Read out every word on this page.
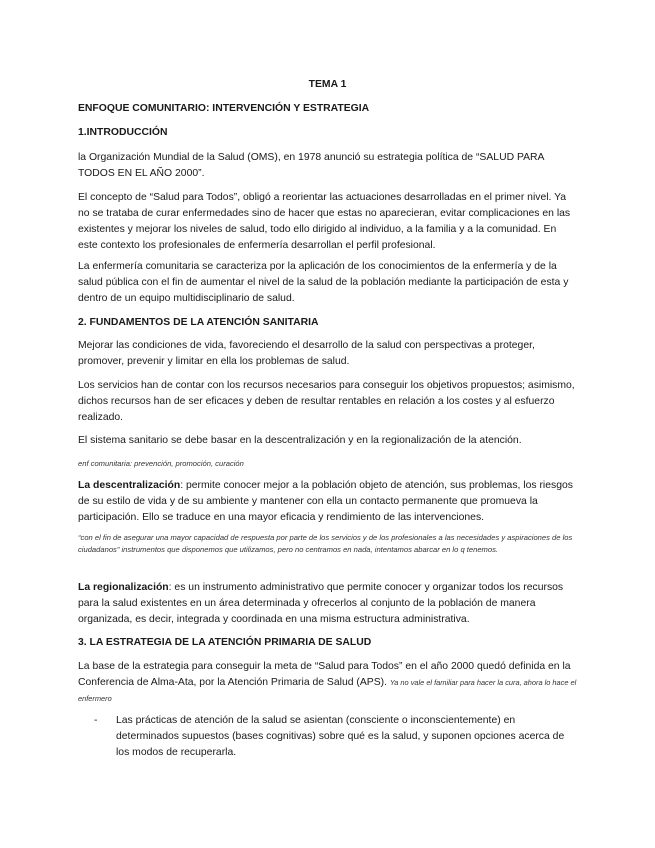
TEMA 1

ENFOQUE COMUNITARIO: INTERVENCIÓN Y ESTRATEGIA

1.INTRODUCCIÓN

la Organización Mundial de la Salud (OMS), en 1978 anunció su estrategia política de “SALUD PARA TODOS EN EL AÑO 2000”.

El concepto de “Salud para Todos”, obligó a reorientar las actuaciones desarrolladas en el primer nivel. Ya no se trataba de curar enfermedades sino de hacer que estas no aparecieran, evitar complicaciones en las existentes y mejorar los niveles de salud, todo ello dirigido al individuo, a la familia y a la comunidad. En este contexto los profesionales de enfermería desarrollan el perfil profesional.

La enfermería comunitaria se caracteriza por la aplicación de los conocimientos de la enfermería y de la salud pública con el fin de aumentar el nivel de la salud de la población mediante la participación de esta y dentro de un equipo multidisciplinario de salud.

2. FUNDAMENTOS DE LA ATENCIÓN SANITARIA

Mejorar las condiciones de vida, favoreciendo el desarrollo de la salud con perspectivas a proteger, promover, prevenir y limitar en ella los problemas de salud.

Los servicios han de contar con los recursos necesarios para conseguir los objetivos propuestos; asimismo, dichos recursos han de ser eficaces y deben de resultar rentables en relación a los costes y al esfuerzo realizado.

El sistema sanitario se debe basar en la descentralización y en la regionalización de la atención.

enf comunitaria: prevención, promoción, curación

La descentralización: permite conocer mejor a la población objeto de atención, sus problemas, los riesgos de su estilo de vida y de su ambiente y mantener con ella un contacto permanente que promueva la participación. Ello se traduce en una mayor eficacia y rendimiento de las intervenciones.

“con el fin de asegurar una mayor capacidad de respuesta por parte de los servicios y de los profesionales a las necesidades y aspiraciones de los ciudadanos” instrumentos que disponemos que utilizamos, pero no centramos en nada, intentamos abarcar en lo q tenemos.

La regionalización: es un instrumento administrativo que permite conocer y organizar todos los recursos para la salud existentes en un área determinada y ofrecerlos al conjunto de la población de manera organizada, es decir, integrada y coordinada en una misma estructura administrativa.

3. LA ESTRATEGIA DE LA ATENCIÓN PRIMARIA DE SALUD

La base de la estrategia para conseguir la meta de “Salud para Todos” en el año 2000 quedó definida en la Conferencia de Alma-Ata, por la Atención Primaria de Salud (APS). Ya no vale el familiar para hacer la cura, ahora lo hace el enfermero

- Las prácticas de atención de la salud se asientan (consciente o inconscientemente) en determinados supuestos (bases cognitivas) sobre qué es la salud, y suponen opciones acerca de los modos de recuperarla.
